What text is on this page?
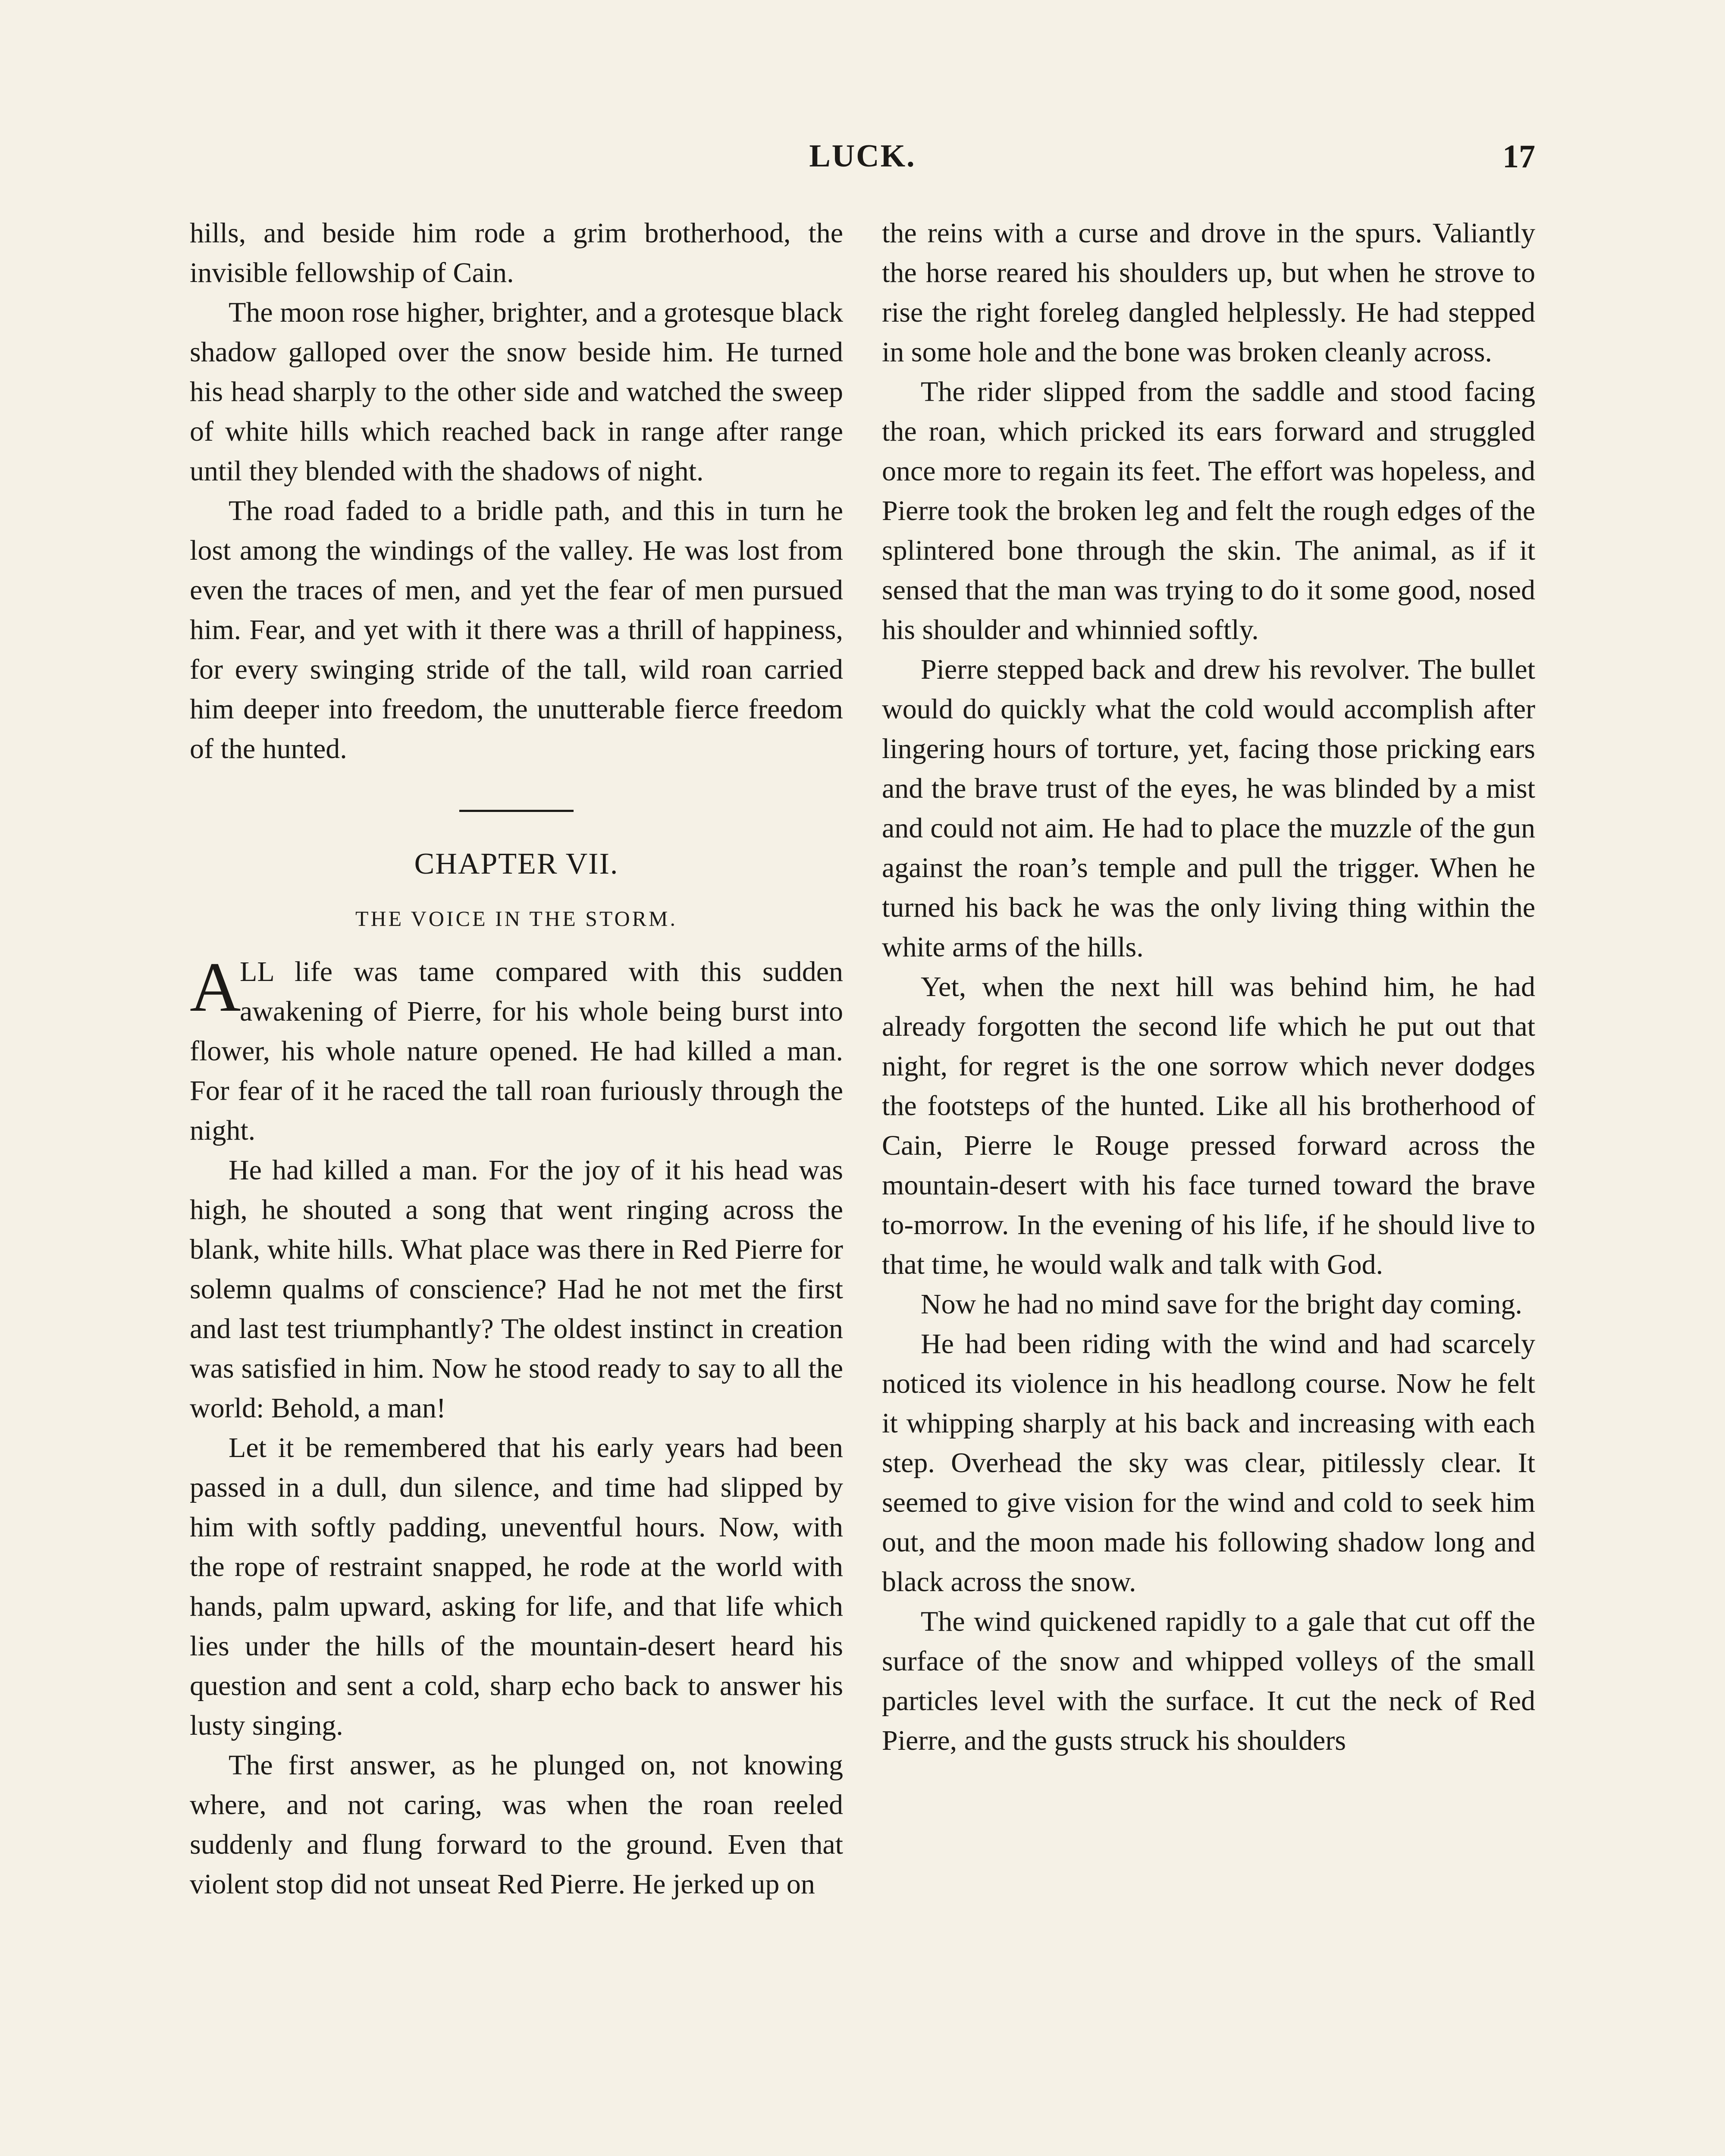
LUCK.	17

hills, and beside him rode a grim brotherhood, the invisible fellowship of Cain.

The moon rose higher, brighter, and a grotesque black shadow galloped over the snow beside him. He turned his head sharply to the other side and watched the sweep of white hills which reached back in range after range until they blended with the shadows of night.

The road faded to a bridle path, and this in turn he lost among the windings of the valley. He was lost from even the traces of men, and yet the fear of men pursued him. Fear, and yet with it there was a thrill of happiness, for every swinging stride of the tall, wild roan carried him deeper into freedom, the unutterable fierce freedom of the hunted.

CHAPTER VII.
THE VOICE IN THE STORM.

A
LL life was tame compared with this sudden awakening of Pierre, for his whole being burst into flower, his whole nature opened. He had killed a man. For fear of it he raced the tall roan furiously through the night.

He had killed a man. For the joy of it his head was high, he shouted a song that went ringing across the blank, white hills. What place was there in Red Pierre for solemn qualms of conscience? Had he not met the first and last test triumphantly? The oldest instinct in creation was satisfied in him. Now he stood ready to say to all the world: Behold, a man!

Let it be remembered that his early years had been passed in a dull, dun silence, and time had slipped by him with softly padding, uneventful hours. Now, with the rope of restraint snapped, he rode at the world with hands, palm upward, asking for life, and that life which lies under the hills of the mountain-desert heard his question and sent a cold, sharp echo back to answer his lusty singing.

The first answer, as he plunged on, not knowing where, and not caring, was when the roan reeled suddenly and flung forward to the ground. Even that violent stop did not unseat Red Pierre. He jerked up on

the reins with a curse and drove in the spurs. Valiantly the horse reared his shoulders up, but when he strove to rise the right foreleg dangled helplessly. He had stepped in some hole and the bone was broken cleanly across.

The rider slipped from the saddle and stood facing the roan, which pricked its ears forward and struggled once more to regain its feet. The effort was hopeless, and Pierre took the broken leg and felt the rough edges of the splintered bone through the skin. The animal, as if it sensed that the man was trying to do it some good, nosed his shoulder and whinnied softly.

Pierre stepped back and drew his revolver. The bullet would do quickly what the cold would accomplish after lingering hours of torture, yet, facing those pricking ears and the brave trust of the eyes, he was blinded by a mist and could not aim. He had to place the muzzle of the gun against the roan’s temple and pull the trigger. When he turned his back he was the only living thing within the white arms of the hills.

Yet, when the next hill was behind him, he had already forgotten the second life which he put out that night, for regret is the one sorrow which never dodges the footsteps of the hunted. Like all his brotherhood of Cain, Pierre le Rouge pressed forward across the mountain-desert with his face turned toward the brave to-morrow. In the evening of his life, if he should live to that time, he would walk and talk with God.

Now he had no mind save for the bright day coming.

He had been riding with the wind and had scarcely noticed its violence in his headlong course. Now he felt it whipping sharply at his back and increasing with each step. Overhead the sky was clear, pitilessly clear. It seemed to give vision for the wind and cold to seek him out, and the moon made his following shadow long and black across the snow.

The wind quickened rapidly to a gale that cut off the surface of the snow and whipped volleys of the small particles level with the surface. It cut the neck of Red Pierre, and the gusts struck his shoulders
